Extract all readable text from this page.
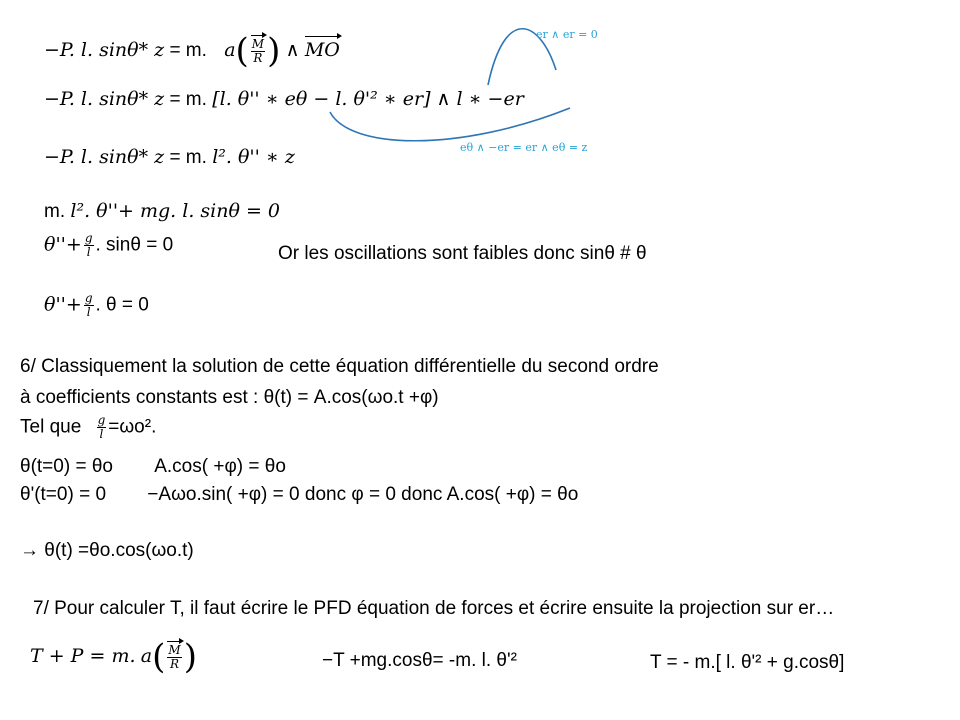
−P. l. sinθ* z = m. $a( \frac{M}{R}$ ) ∧ MO
er ∧ er = 0
−P. l. sinθ* z = m. [l. θ'' ∗ eθ − l. θ'² ∗ er] ∧ l ∗ −er
−P. l. sinθ* z = m. l². θ'' ∗ z	eθ ∧ −er = er ∧ eθ = z
m. l². θ''+ mg. l. sinθ = 0
$\theta''+ \frac{g}{l}$ . sinθ = 0	Or les oscillations sont faibles donc sinθ # θ
$\theta''+ \frac{g}{l}$ . θ = 0
6/ Classiquement la solution de cette équation différentielle du second ordre
à coefficients constants est : θ(t) = A.cos(ωo.t +φ)
Tel que $\frac{g}{l} =\omega o^2$.
θ(t=0) = θo A.cos( +φ) = θo
θ'(t=0) = 0 −Aωo.sin( +φ) = 0 donc φ = 0 donc A.cos( +φ) = θo
→ θ(t) =θo.cos(ωo.t)
7/ Pour calculer T, il faut écrire le PFD équation de forces et écrire ensuite la projection sur er…
T + P = m. $a( \frac{M}{R}$ )	−T +mg.cosθ= -m. l. θ'²	T = - m.[ l. θ'² + g.cosθ]
